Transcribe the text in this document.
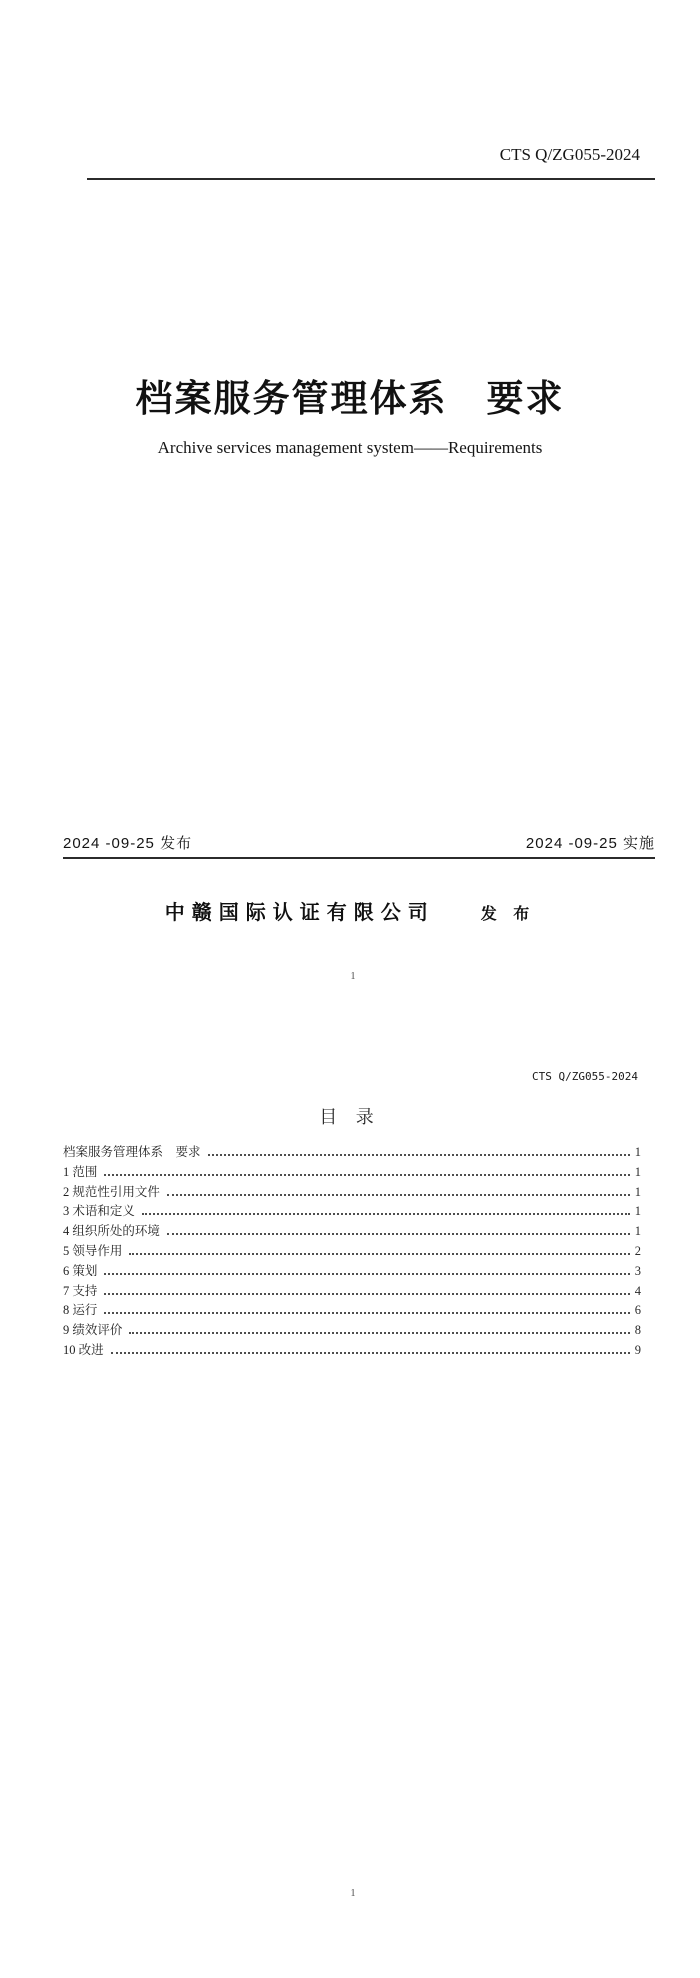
CTS Q/ZG055-2024
档案服务管理体系　要求
Archive services management system——Requirements
2024 -09-25 发布	2024 -09-25 实施
中赣国际认证有限公司	发 布
1
CTS Q/ZG055-2024
目 录
档案服务管理体系　要求	1
1 范围	1
2 规范性引用文件	1
3 术语和定义	1
4 组织所处的环境	1
5 领导作用	2
6 策划	3
7 支持	4
8 运行	6
9 绩效评价	8
10 改进	9
1
